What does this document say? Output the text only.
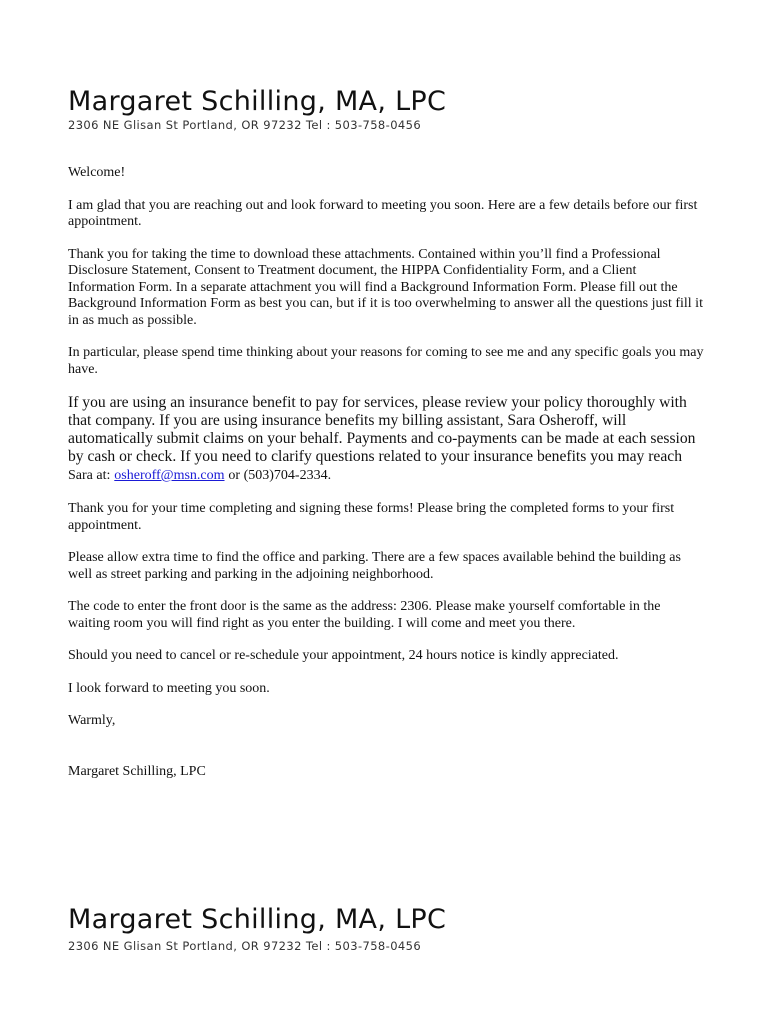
Margaret Schilling, MA, LPC
2306 NE Glisan St Portland, OR 97232 Tel : 503-758-0456

Welcome!

I am glad that you are reaching out and look forward to meeting you soon. Here are a few details before our first appointment.

Thank you for taking the time to download these attachments. Contained within you’ll find a Professional Disclosure Statement, Consent to Treatment document, the HIPPA Confidentiality Form, and a Client Information Form. In a separate attachment you will find a Background Information Form. Please fill out the Background Information Form as best you can, but if it is too overwhelming to answer all the questions just fill it in as much as possible.

In particular, please spend time thinking about your reasons for coming to see me and any specific goals you may have.

If you are using an insurance benefit to pay for services, please review your policy thoroughly with that company. If you are using insurance benefits my billing assistant, Sara Osheroff, will automatically submit claims on your behalf. Payments and co-payments can be made at each session by cash or check. If you need to clarify questions related to your insurance benefits you may reach Sara at: osheroff@msn.com or (503)704-2334.

Thank you for your time completing and signing these forms! Please bring the completed forms to your first appointment.

Please allow extra time to find the office and parking. There are a few spaces available behind the building as well as street parking and parking in the adjoining neighborhood.

The code to enter the front door is the same as the address: 2306. Please make yourself comfortable in the waiting room you will find right as you enter the building. I will come and meet you there.

Should you need to cancel or re-schedule your appointment, 24 hours notice is kindly appreciated.

I look forward to meeting you soon.

Warmly,

Margaret Schilling, LPC

Margaret Schilling, MA, LPC
2306 NE Glisan St Portland, OR 97232 Tel : 503-758-0456
